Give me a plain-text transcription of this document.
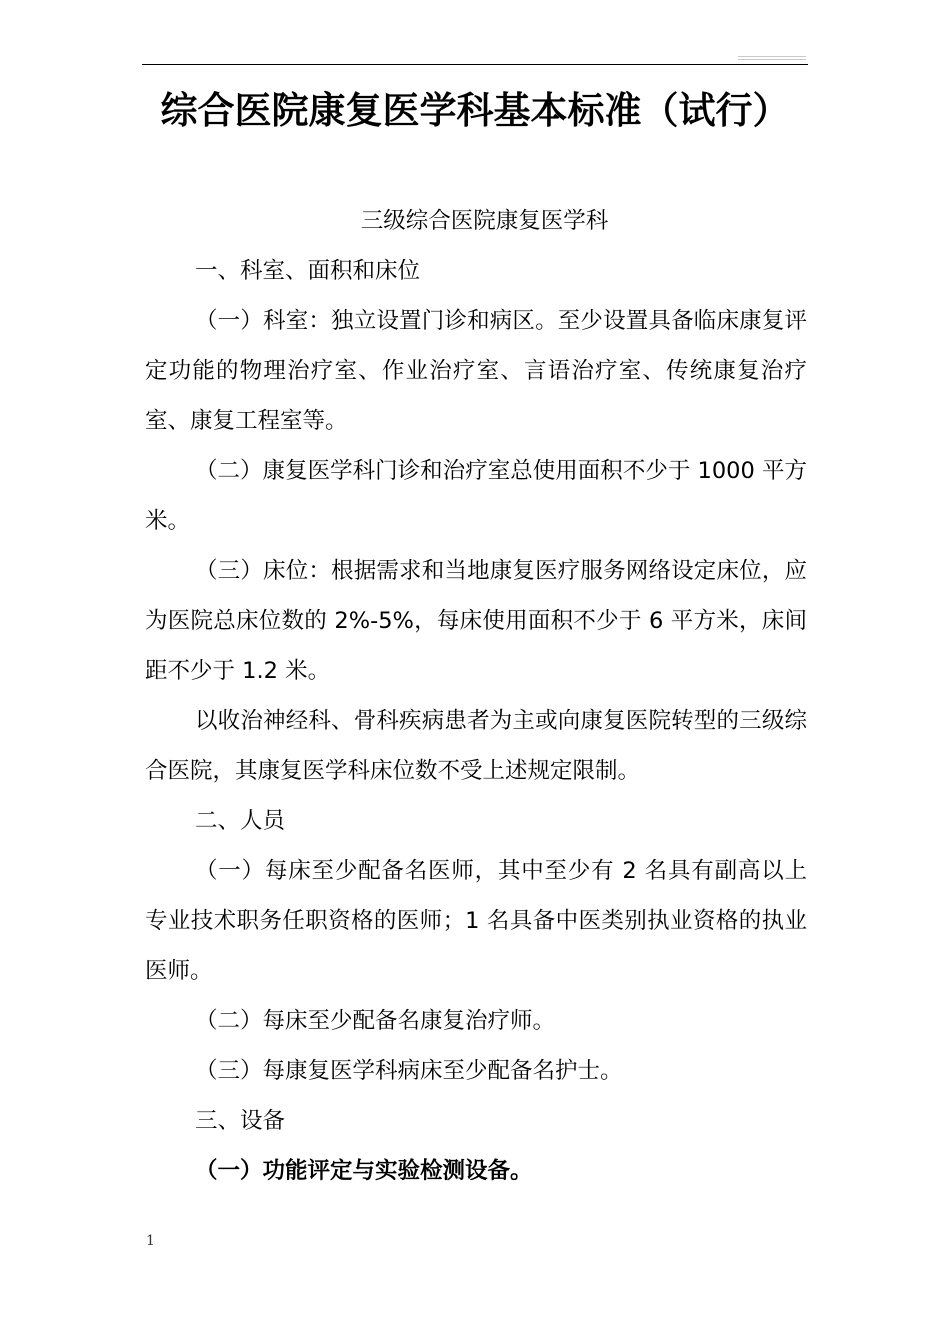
综合医院康复医学科基本标准（试行）

三级综合医院康复医学科

一、科室、面积和床位

（一）科室：独立设置门诊和病区。至少设置具备临床康复评定功能的物理治疗室、作业治疗室、言语治疗室、传统康复治疗室、康复工程室等。

（二）康复医学科门诊和治疗室总使用面积不少于 1000 平方米。

（三）床位：根据需求和当地康复医疗服务网络设定床位，应为医院总床位数的 2%-5%，每床使用面积不少于 6 平方米，床间距不少于 1.2 米。

以收治神经科、骨科疾病患者为主或向康复医院转型的三级综合医院，其康复医学科床位数不受上述规定限制。

二、人员

（一）每床至少配备名医师，其中至少有 2 名具有副高以上专业技术职务任职资格的医师；1 名具备中医类别执业资格的执业医师。

（二）每床至少配备名康复治疗师。

（三）每康复医学科病床至少配备名护士。

三、设备

（一）功能评定与实验检测设备。

1
